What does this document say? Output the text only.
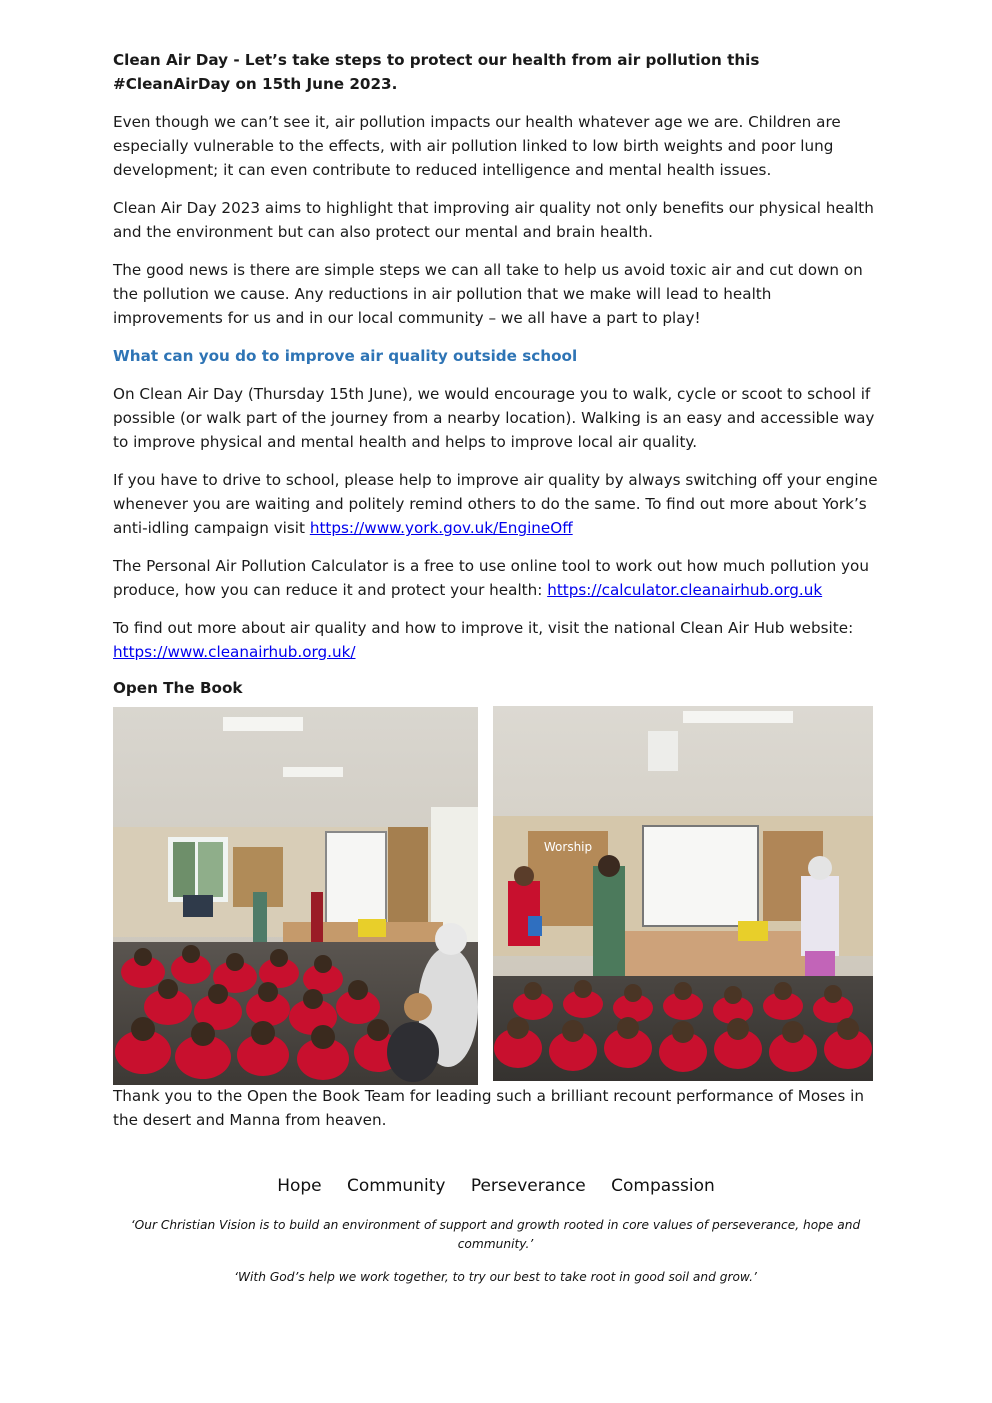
Clean Air Day - Let’s take steps to protect our health from air pollution this #CleanAirDay on 15th June 2023.

Even though we can’t see it, air pollution impacts our health whatever age we are. Children are especially vulnerable to the effects, with air pollution linked to low birth weights and poor lung development; it can even contribute to reduced intelligence and mental health issues.

Clean Air Day 2023 aims to highlight that improving air quality not only benefits our physical health and the environment but can also protect our mental and brain health.

The good news is there are simple steps we can all take to help us avoid toxic air and cut down on the pollution we cause. Any reductions in air pollution that we make will lead to health improvements for us and in our local community – we all have a part to play!

What can you do to improve air quality outside school

On Clean Air Day (Thursday 15th June), we would encourage you to walk, cycle or scoot to school if possible (or walk part of the journey from a nearby location). Walking is an easy and accessible way to improve physical and mental health and helps to improve local air quality.

If you have to drive to school, please help to improve air quality by always switching off your engine whenever you are waiting and politely remind others to do the same. To find out more about York’s anti-idling campaign visit https://www.york.gov.uk/EngineOff

The Personal Air Pollution Calculator is a free to use online tool to work out how much pollution you produce, how you can reduce it and protect your health: https://calculator.cleanairhub.org.uk

To find out more about air quality and how to improve it, visit the national Clean Air Hub website: https://www.cleanairhub.org.uk/

Open The Book

Worship

Thank you to the Open the Book Team for leading such a brilliant recount performance of Moses in the desert and Manna from heaven.

Hope Community Perseverance Compassion

‘Our Christian Vision is to build an environment of support and growth rooted in core values of perseverance, hope and community.’

‘With God’s help we work together, to try our best to take root in good soil and grow.’
